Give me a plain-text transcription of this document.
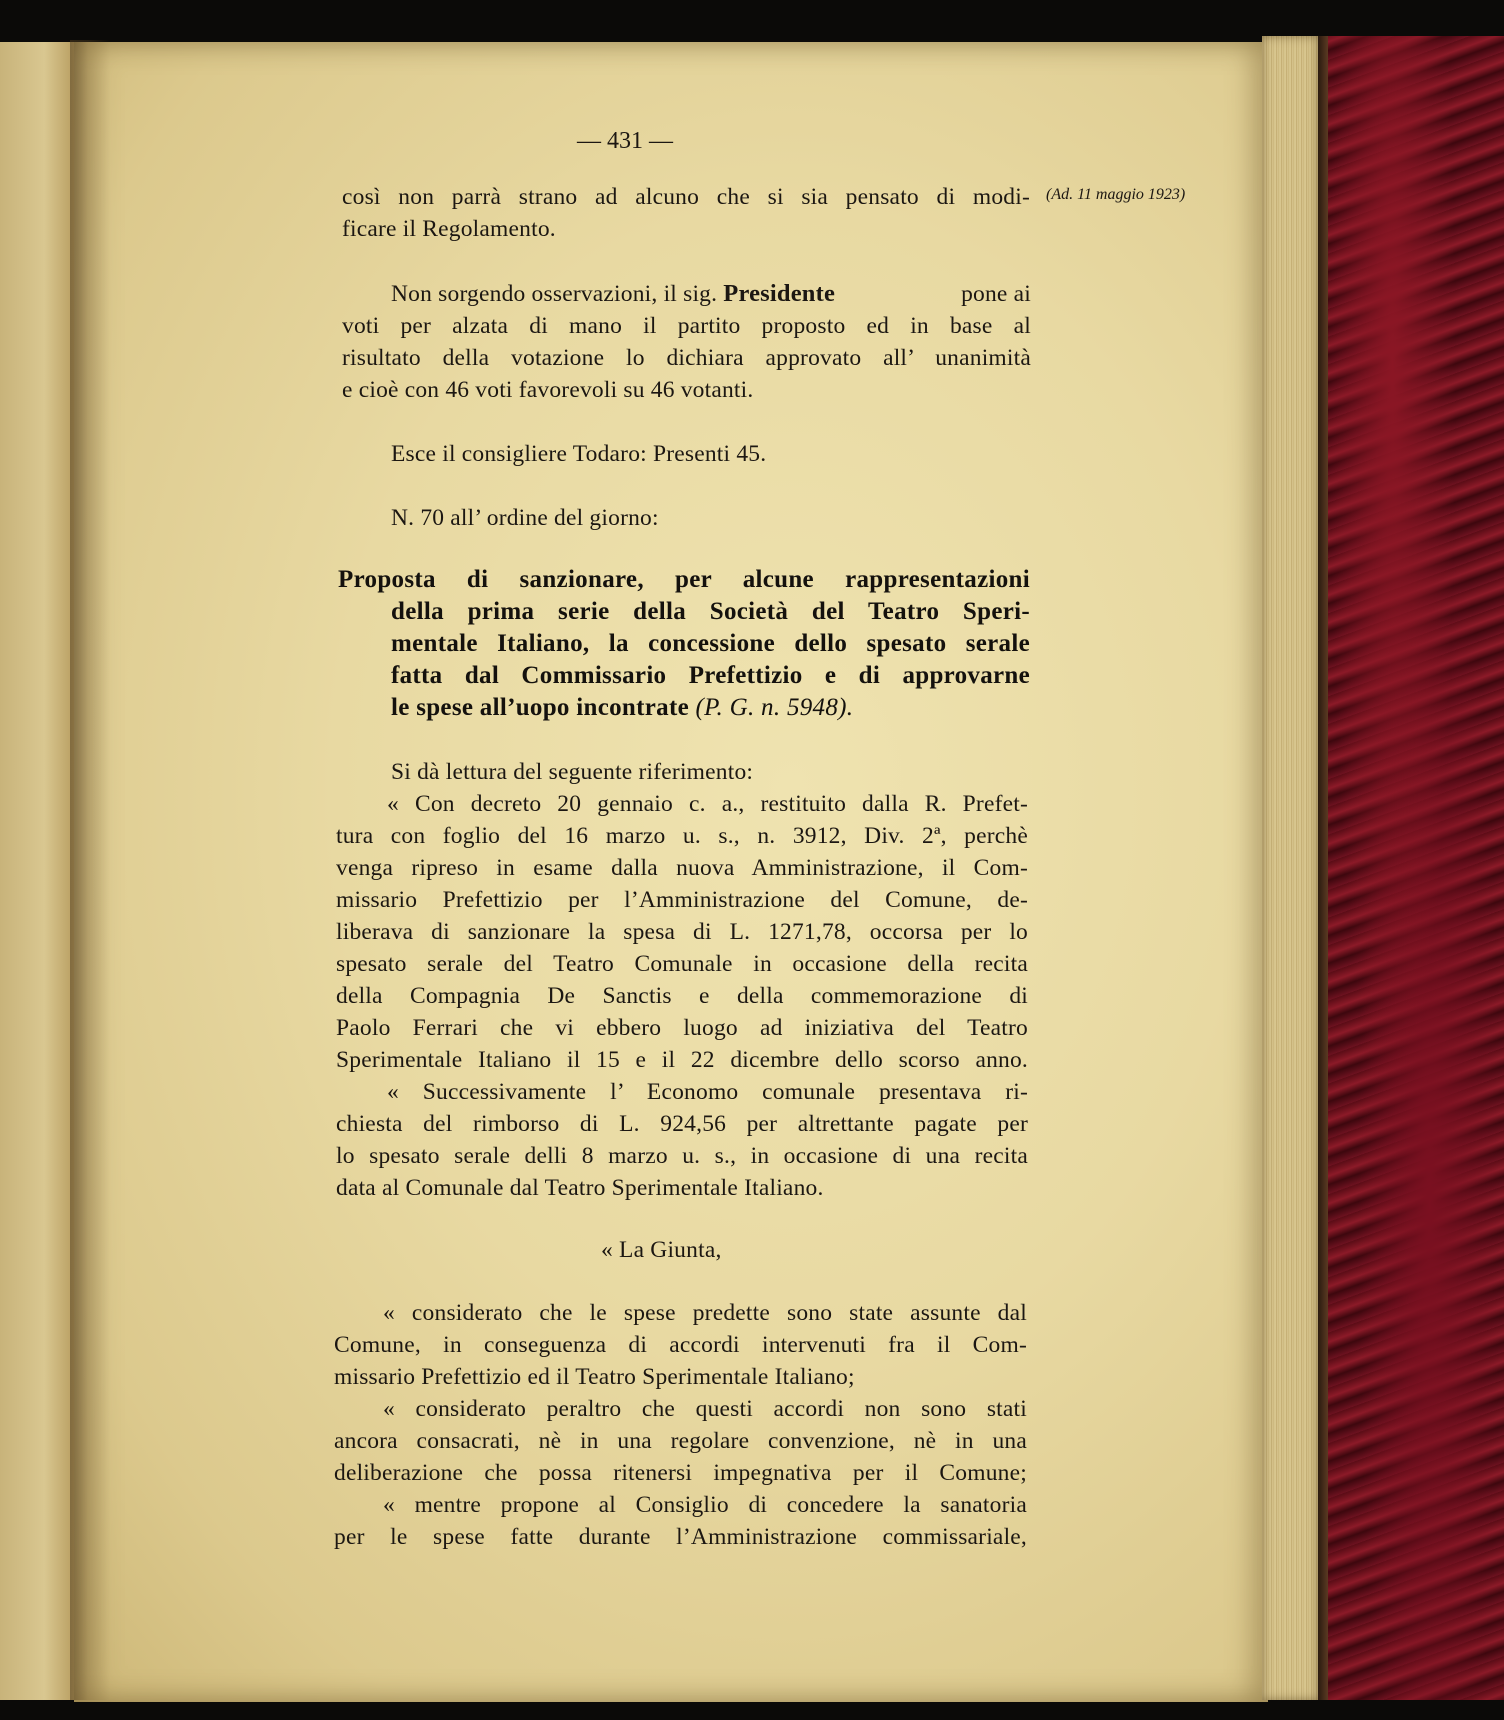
— 431 —
(Ad. 11 maggio 1923)
così non parrà strano ad alcuno che si sia pensato di modi-
ficare il Regolamento.
Non sorgendo osservazioni, il sig. Presidente	pone ai
voti per alzata di mano il partito proposto ed in base al
risultato della votazione lo dichiara approvato all’ unanimità
e cioè con 46 voti favorevoli su 46 votanti.
Esce il consigliere Todaro: Presenti 45.
N. 70 all’ ordine del giorno:
Proposta di sanzionare, per alcune rappresentazioni
della prima serie della Società del Teatro Speri-
mentale Italiano, la concessione dello spesato serale
fatta dal Commissario Prefettizio e di approvarne
le spese all’uopo incontrate (P. G. n. 5948).
Si dà lettura del seguente riferimento:
« Con decreto 20 gennaio c. a., restituito dalla R. Prefet-
tura con foglio del 16 marzo u. s., n. 3912, Div. 2ª, perchè
venga ripreso in esame dalla nuova Amministrazione, il Com-
missario Prefettizio per l’Amministrazione del Comune, de-
liberava di sanzionare la spesa di L. 1271,78, occorsa per lo
spesato serale del Teatro Comunale in occasione della recita
della Compagnia De Sanctis e della commemorazione di
Paolo Ferrari che vi ebbero luogo ad iniziativa del Teatro
Sperimentale Italiano il 15 e il 22 dicembre dello scorso anno.
« Successivamente l’ Economo comunale presentava ri-
chiesta del rimborso di L. 924,56 per altrettante pagate per
lo spesato serale delli 8 marzo u. s., in occasione di una recita
data al Comunale dal Teatro Sperimentale Italiano.
« La Giunta,
« considerato che le spese predette sono state assunte dal
Comune, in conseguenza di accordi intervenuti fra il Com-
missario Prefettizio ed il Teatro Sperimentale Italiano;
« considerato peraltro che questi accordi non sono stati
ancora consacrati, nè in una regolare convenzione, nè in una
deliberazione che possa ritenersi impegnativa per il Comune;
« mentre propone al Consiglio di concedere la sanatoria
per le spese fatte durante l’Amministrazione commissariale,
